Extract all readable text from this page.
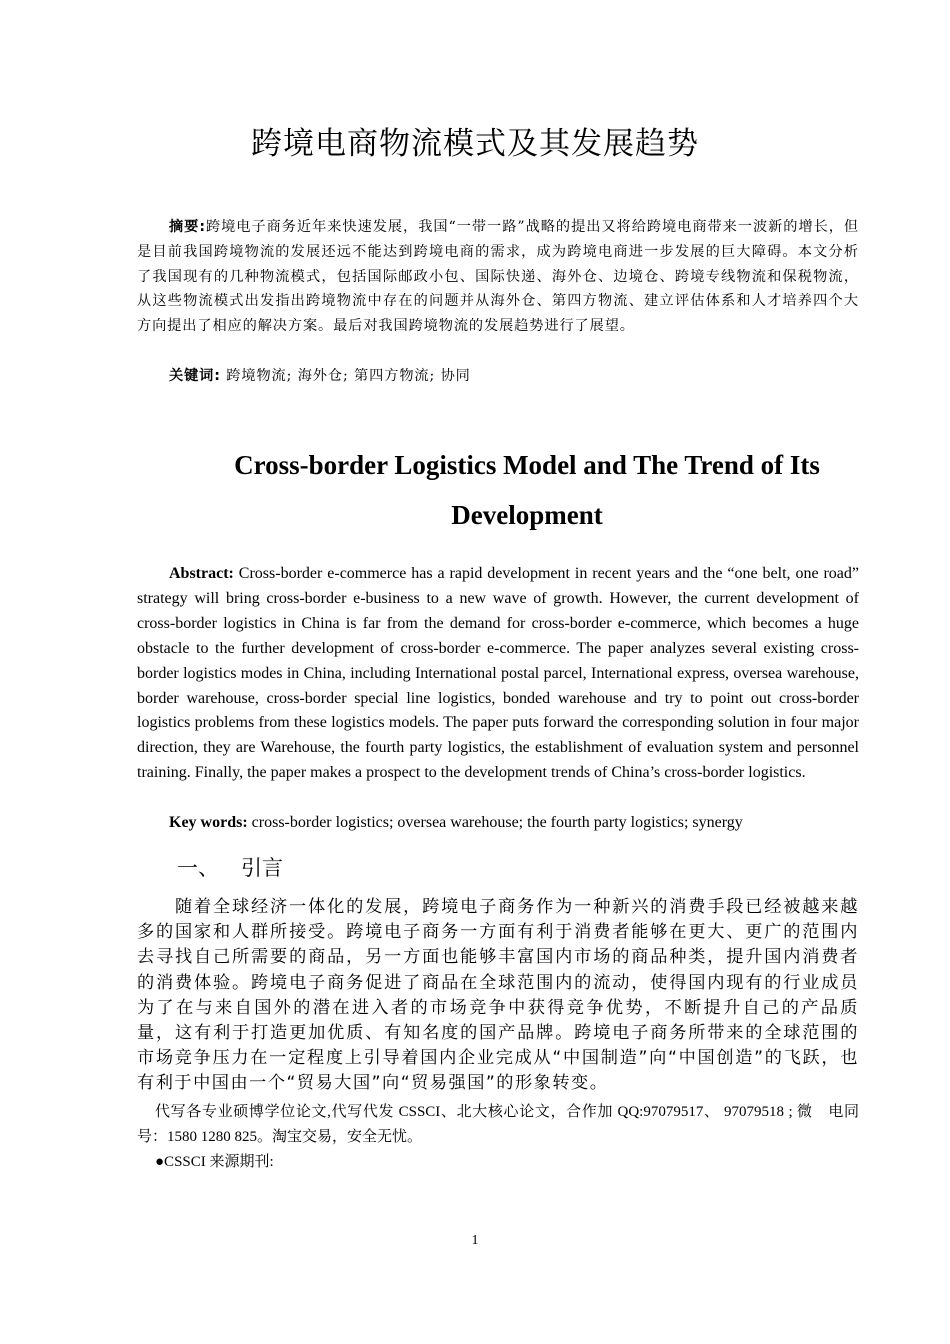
跨境电商物流模式及其发展趋势
摘要:跨境电子商务近年来快速发展，我国“一带一路”战略的提出又将给跨境电商带来一波新的增长，但是目前我国跨境物流的发展还远不能达到跨境电商的需求，成为跨境电商进一步发展的巨大障碍。本文分析了我国现有的几种物流模式，包括国际邮政小包、国际快递、海外仓、边境仓、跨境专线物流和保税物流，从这些物流模式出发指出跨境物流中存在的问题并从海外仓、第四方物流、建立评估体系和人才培养四个大方向提出了相应的解决方案。最后对我国跨境物流的发展趋势进行了展望。
关键词: 跨境物流; 海外仓; 第四方物流; 协同
Cross-border Logistics Model and The Trend of Its Development
Abstract: Cross-border e-commerce has a rapid development in recent years and the “one belt, one road” strategy will bring cross-border e-business to a new wave of growth. However, the current development of cross-border logistics in China is far from the demand for cross-border e-commerce, which becomes a huge obstacle to the further development of cross-border e-commerce. The paper analyzes several existing cross-border logistics modes in China, including International postal parcel, International express, oversea warehouse, border warehouse, cross-border special line logistics, bonded warehouse and try to point out cross-border logistics problems from these logistics models. The paper puts forward the corresponding solution in four major direction, they are Warehouse, the fourth party logistics, the establishment of evaluation system and personnel training. Finally, the paper makes a prospect to the development trends of China’s cross-border logistics.
Key words: cross-border logistics; oversea warehouse; the fourth party logistics; synergy
一、 引言
随着全球经济一体化的发展，跨境电子商务作为一种新兴的消费手段已经被越来越多的国家和人群所接受。跨境电子商务一方面有利于消费者能够在更大、更广的范围内去寻找自己所需要的商品，另一方面也能够丰富国内市场的商品种类，提升国内消费者的消费体验。跨境电子商务促进了商品在全球范围内的流动，使得国内现有的行业成员为了在与来自国外的潜在进入者的市场竞争中获得竞争优势，不断提升自己的产品质量，这有利于打造更加优质、有知名度的国产品牌。跨境电子商务所带来的全球范围的市场竞争压力在一定程度上引导着国内企业完成从“中国制造”向“中国创造”的飞跃，也有利于中国由一个“贸易大国”向“贸易强国”的形象转变。
代写各专业硕博学位论文,代写代发 CSSCI、北大核心论文，合作加 QQ:97079517、 97079518 ; 微　电同号：1580 1280 825。淘宝交易，安全无忧。
●CSSCI 来源期刊:
1
